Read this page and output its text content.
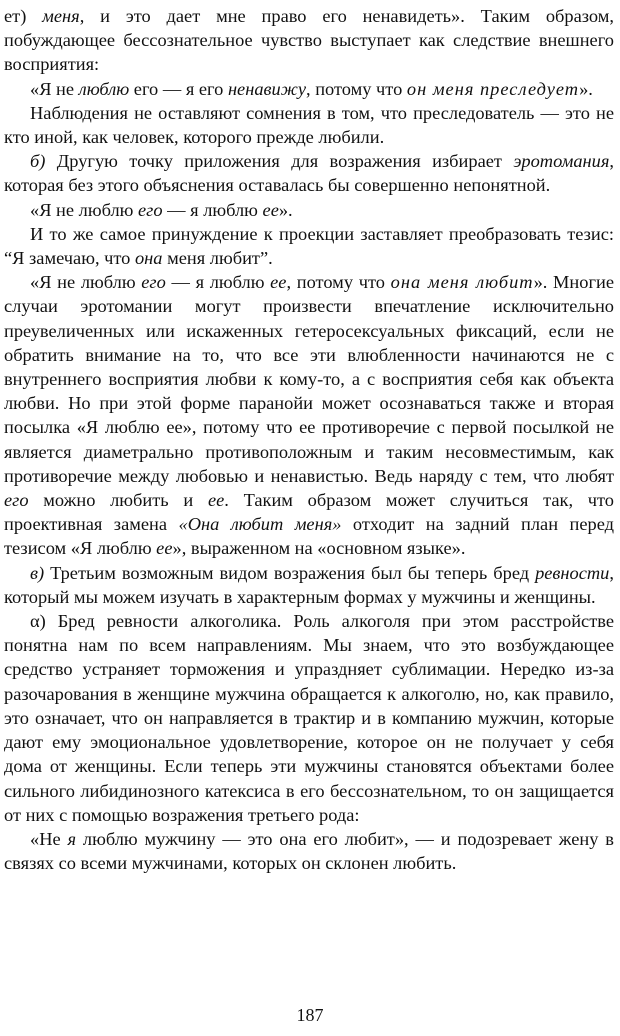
ет) меня, и это дает мне право его ненавидеть». Таким образом, побуждающее бессознательное чувство выступает как следствие внешнего восприятия:

«Я не люблю его — я его ненавижу, потому что он меня преследует».

Наблюдения не оставляют сомнения в том, что преследователь — это не кто иной, как человек, которого прежде любили.

б) Другую точку приложения для возражения избирает эротомания, которая без этого объяснения оставалась бы совершенно непонятной.

«Я не люблю его — я люблю ее».

И то же самое принуждение к проекции заставляет преобразовать тезис: “Я замечаю, что она меня любит”.

«Я не люблю его — я люблю ее, потому что она меня любит». Многие случаи эротомании могут произвести впечатление исключительно преувеличенных или искаженных гетеросексуальных фиксаций, если не обратить внимание на то, что все эти влюбленности начинаются не с внутреннего восприятия любви к кому-то, а с восприятия себя как объекта любви. Но при этой форме паранойи может осознаваться также и вторая посылка «Я люблю ее», потому что ее противоречие с первой посылкой не является диаметрально противоположным и таким несовместимым, как противоречие между любовью и ненавистью. Ведь наряду с тем, что любят его можно любить и ее. Таким образом может случиться так, что проективная замена «Она любит меня» отходит на задний план перед тезисом «Я люблю ее», выраженном на «основном языке».

в) Третьим возможным видом возражения был бы теперь бред ревности, который мы можем изучать в характерным формах у мужчины и женщины.

α) Бред ревности алкоголика. Роль алкоголя при этом расстройстве понятна нам по всем направлениям. Мы знаем, что это возбуждающее средство устраняет торможения и упраздняет сублимации. Нередко из-за разочарования в женщине мужчина обращается к алкоголю, но, как правило, это означает, что он направляется в трактир и в компанию мужчин, которые дают ему эмоциональное удовлетворение, которое он не получает у себя дома от женщины. Если теперь эти мужчины становятся объектами более сильного либидинозного катексиса в его бессознательном, то он защищается от них с помощью возражения третьего рода:

«Не я люблю мужчину — это она его любит», — и подозревает жену в связях со всеми мужчинами, которых он склонен любить.

187
